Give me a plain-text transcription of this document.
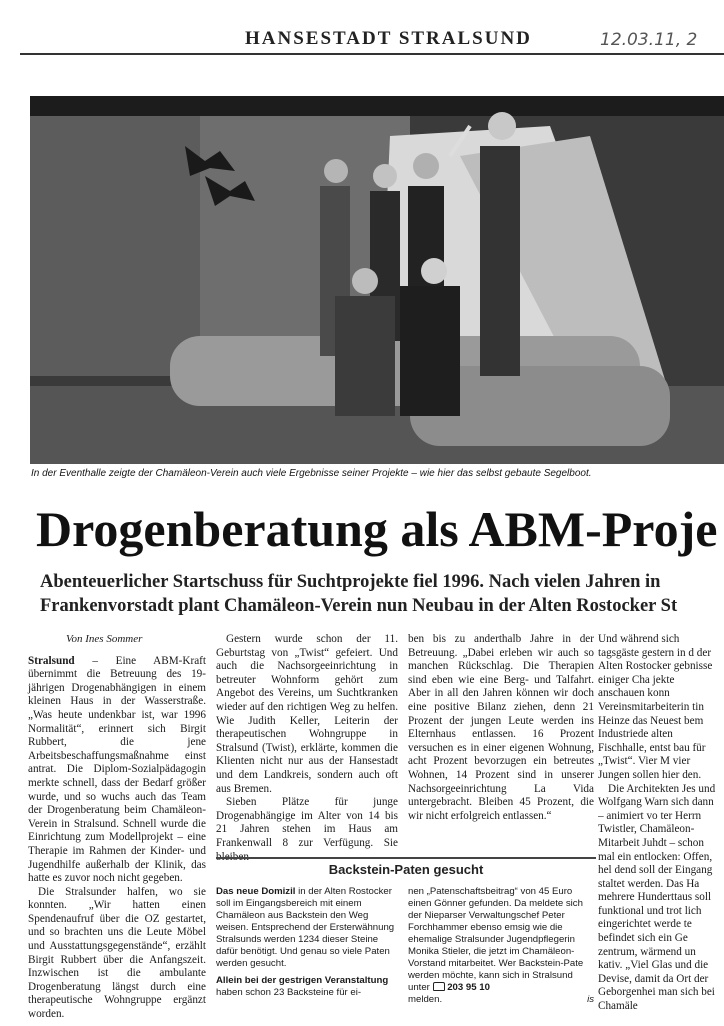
HANSESTADT STRALSUND	12.03.11, 2
In der Eventhalle zeigte der Chamäleon-Verein auch viele Ergebnisse seiner Projekte – wie hier das selbst gebaute Segelboot.
Drogenberatung als ABM-Proje
Abenteuerlicher Startschuss für Suchtprojekte fiel 1996. Nach vielen Jahren in
Frankenvorstadt plant Chamäleon-Verein nun Neubau in der Alten Rostocker St
Von Ines Sommer

Stralsund – Eine ABM-Kraft übernimmt die Betreuung des 19-jährigen Drogenabhängigen in einem kleinen Haus in der Wasserstraße. „Was heute undenkbar ist, war 1996 Normalität“, erinnert sich Birgit Rubbert, die jene Arbeitsbeschaffungsmaßnahme einst antrat. Die Diplom-Sozialpädagogin merkte schnell, dass der Bedarf größer wurde, und so wuchs auch das Team der Drogenberatung beim Chamäleon-Verein in Stralsund. Schnell wurde die Einrichtung zum Modellprojekt – eine Therapie im Rahmen der Kinder- und Jugendhilfe außerhalb der Klinik, das hatte es zuvor noch nicht gegeben.

Die Stralsunder halfen, wo sie konnten. „Wir hatten einen Spendenaufruf über die OZ gestartet, und so brachten uns die Leute Möbel und Ausstattungsgegenstände“, erzählt Birgit Rubbert über die Anfangszeit. Inzwischen ist die ambulante Drogenberatung längst durch eine therapeutische Wohngruppe ergänzt worden.

Gestern wurde schon der 11. Geburtstag von „Twist“ gefeiert. Und auch die Nachsorgeeinrichtung in betreuter Wohnform gehört zum Angebot des Vereins, um Suchtkranken wieder auf den richtigen Weg zu helfen. Wie Judith Keller, Leiterin der therapeutischen Wohngruppe in Stralsund (Twist), erklärte, kommen die Klienten nicht nur aus der Hansestadt und dem Landkreis, sondern auch oft aus Bremen.

Sieben Plätze für junge Drogenabhängige im Alter von 14 bis 21 Jahren stehen im Haus am Frankenwall 8 zur Verfügung. Sie bleiben

ben bis zu anderthalb Jahre in der Betreuung. „Dabei erleben wir auch so manchen Rückschlag. Die Therapien sind eben wie eine Berg- und Talfahrt. Aber in all den Jahren können wir doch eine positive Bilanz ziehen, denn 21 Prozent der jungen Leute werden ins Elternhaus entlassen. 16 Prozent versuchen es in einer eigenen Wohnung, acht Prozent bevorzugen ein betreutes Wohnen, 14 Prozent sind in unserer Nachsorgeeinrichtung La Vida untergebracht. Bleiben 45 Prozent, die wir nicht erfolgreich entlassen.“

Und während sich tagsgäste gestern in d der Alten Rostocker gebnisse einiger Cha jekte anschauen konn Vereinsmitarbeiterin tin Heinze das Neuest bem Industriede alten Fischhalle, entst bau für „Twist“. Vier M vier Jungen sollen hier den.

Die Architekten Jes und Wolfgang Warn sich dann – animiert vo ter Herrn Twistler, Chamäleon-Mitarbeit Juhdt – schon mal ein entlocken: Offen, hel dend soll der Eingang staltet werden. Das Ha mehrere Hunderttaus soll funktional und trot lich eingerichtet werde te befindet sich ein Ge zentrum, wärmend un kativ. „Viel Glas und die Devise, damit da Ort der Geborgenhei man sich bei Chamäle

Backstein-Paten gesucht

Das neue Domizil in der Alten Rostocker soll im Eingangsbereich mit einem Chamäleon aus Backstein den Weg weisen. Entsprechend der Ersterwähnung Stralsunds werden 1234 dieser Steine dafür benötigt. Und genau so viele Paten werden gesucht.

Allein bei der gestrigen Veranstaltung haben schon 23 Backsteine für ei-

nen „Patenschaftsbeitrag“ von 45 Euro einen Gönner gefunden. Da meldete sich der Nieparser Verwaltungschef Peter Forchhammer ebenso emsig wie die ehemalige Stralsunder Jugendpflegerin Monika Stieler, die jetzt im Chamäleon-Vorstand mitarbeitet. Wer Backstein-Pate werden möchte, kann sich in Stralsund unter 203 95 10
melden.	is
